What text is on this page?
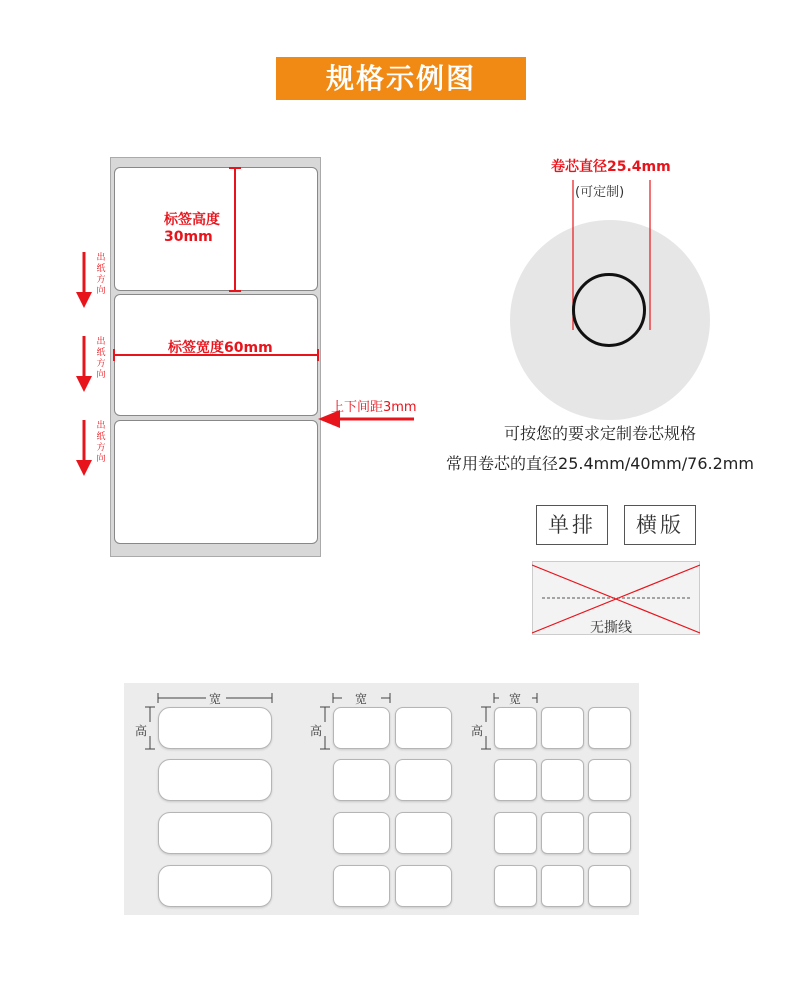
规格示例图
标签高度
30mm
标签宽度60mm
上下间距3mm
出纸方向
出纸方向
出纸方向
卷芯直径25.4mm
(可定制)
可按您的要求定制卷芯规格
常用卷芯的直径25.4mm/40mm/76.2mm
单排	横版
无撕线
宽
高
宽
高
宽
高
